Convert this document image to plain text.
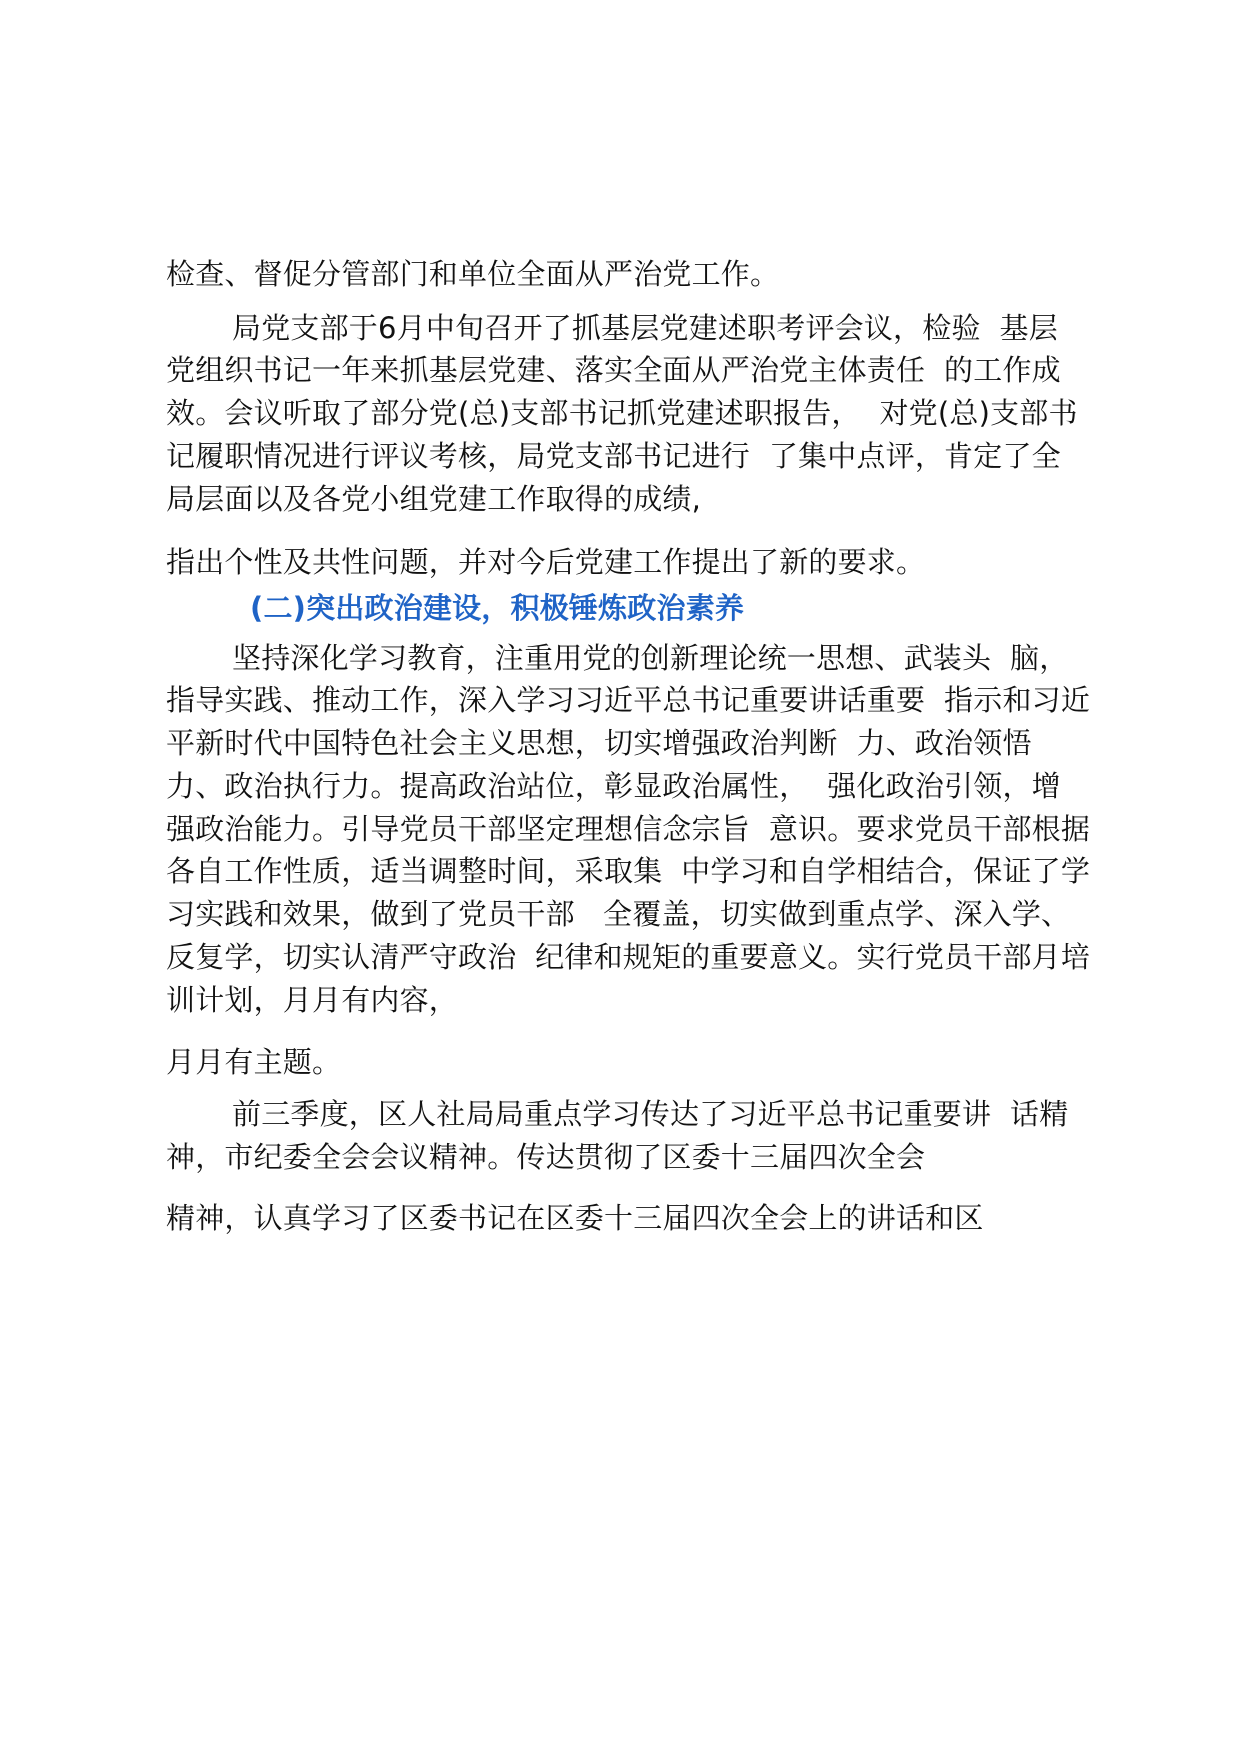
检查、督促分管部门和单位全面从严治党工作。

局党支部于6月中旬召开了抓基层党建述职考评会议，检验  基层

党组织书记一年来抓基层党建、落实全面从严治党主体责任  的工作成

效。会议听取了部分党(总)支部书记抓党建述职报告，  对党(总)支部书

记履职情况进行评议考核，局党支部书记进行  了集中点评，肯定了全

局层面以及各党小组党建工作取得的成绩,

指出个性及共性问题，并对今后党建工作提出了新的要求。

(二)突出政治建设，积极锤炼政治素养

坚持深化学习教育，注重用党的创新理论统一思想、武装头  脑，

指导实践、推动工作，深入学习习近平总书记重要讲话重要  指示和习近

平新时代中国特色社会主义思想，切实增强政治判断  力、政治领悟

力、政治执行力。提高政治站位，彰显政治属性，  强化政治引领，增

强政治能力。引导党员干部坚定理想信念宗旨  意识。要求党员干部根据

各自工作性质，适当调整时间，采取集  中学习和自学相结合，保证了学

习实践和效果，做到了党员干部   全覆盖，切实做到重点学、深入学、

反复学，切实认清严守政治  纪律和规矩的重要意义。实行党员干部月培

训计划，月月有内容，

月月有主题。

前三季度，区人社局局重点学习传达了习近平总书记重要讲  话精

神，市纪委全会会议精神。传达贯彻了区委十三届四次全会

精神，认真学习了区委书记在区委十三届四次全会上的讲话和区
